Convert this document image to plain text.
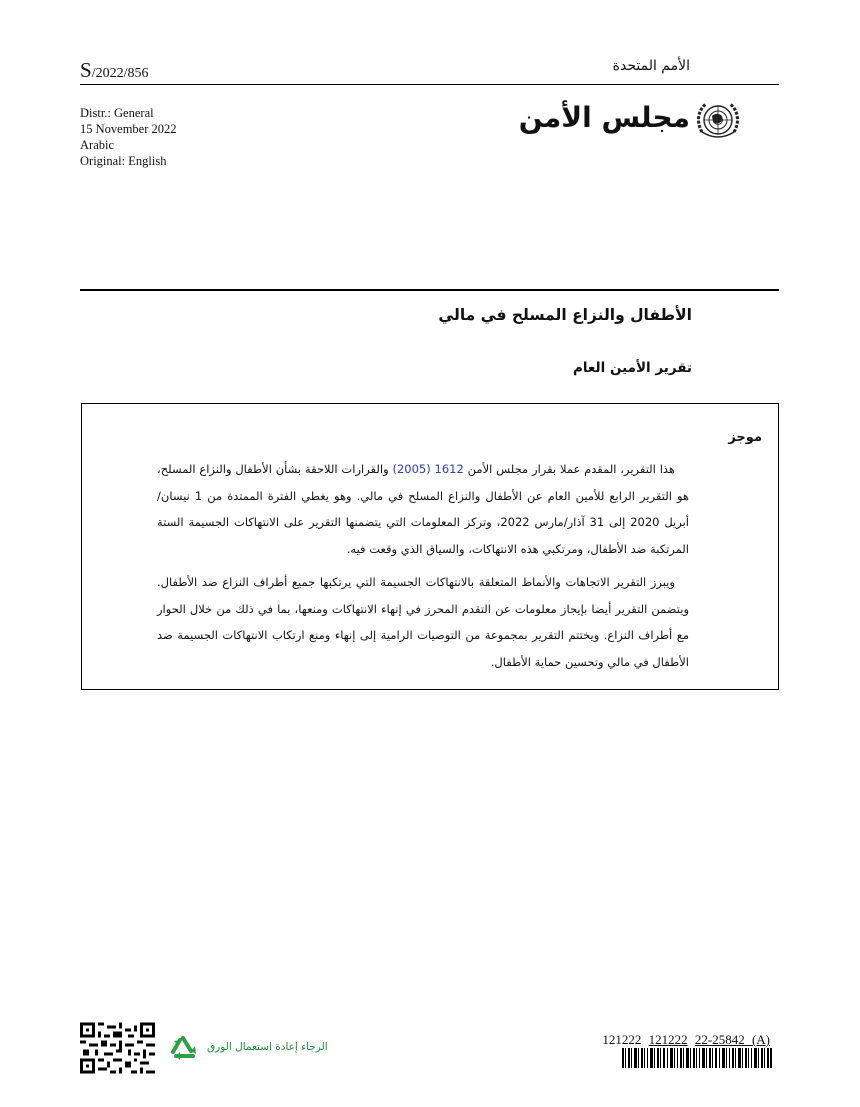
S/2022/856	الأمم المتحدة
Distr.: General
15 November 2022
Arabic
Original: English
مجلس الأمن
الأطفال والنزاع المسلح في مالي
تقرير الأمين العام
موجز
هذا التقرير، المقدم عملا بقرار مجلس الأمن 1612 (2005) والقرارات اللاحقة بشأن الأطفال والنزاع المسلح، هو التقرير الرابع للأمين العام عن الأطفال والنزاع المسلح في مالي. وهو يغطي الفترة الممتدة من 1 نيسان/أبريل 2020 إلى 31 آذار/مارس 2022، وتركز المعلومات التي يتضمنها التقرير على الانتهاكات الجسيمة الستة المرتكبة ضد الأطفال، ومرتكبي هذه الانتهاكات، والسياق الذي وقعت فيه.
ويبرز التقرير الاتجاهات والأنماط المتعلقة بالانتهاكات الجسيمة التي يرتكبها جميع أطراف النزاع ضد الأطفال. ويتضمن التقرير أيضا بإيجاز معلومات عن التقدم المحرز في إنهاء الانتهاكات ومنعها، بما في ذلك من خلال الحوار مع أطراف النزاع. ويختتم التقرير بمجموعة من التوصيات الرامية إلى إنهاء ومنع ارتكاب الانتهاكات الجسيمة ضد الأطفال في مالي وتحسين حماية الأطفال.
الرجاء إعادة استعمال الورق	121222 121222 22-25842 (A)
